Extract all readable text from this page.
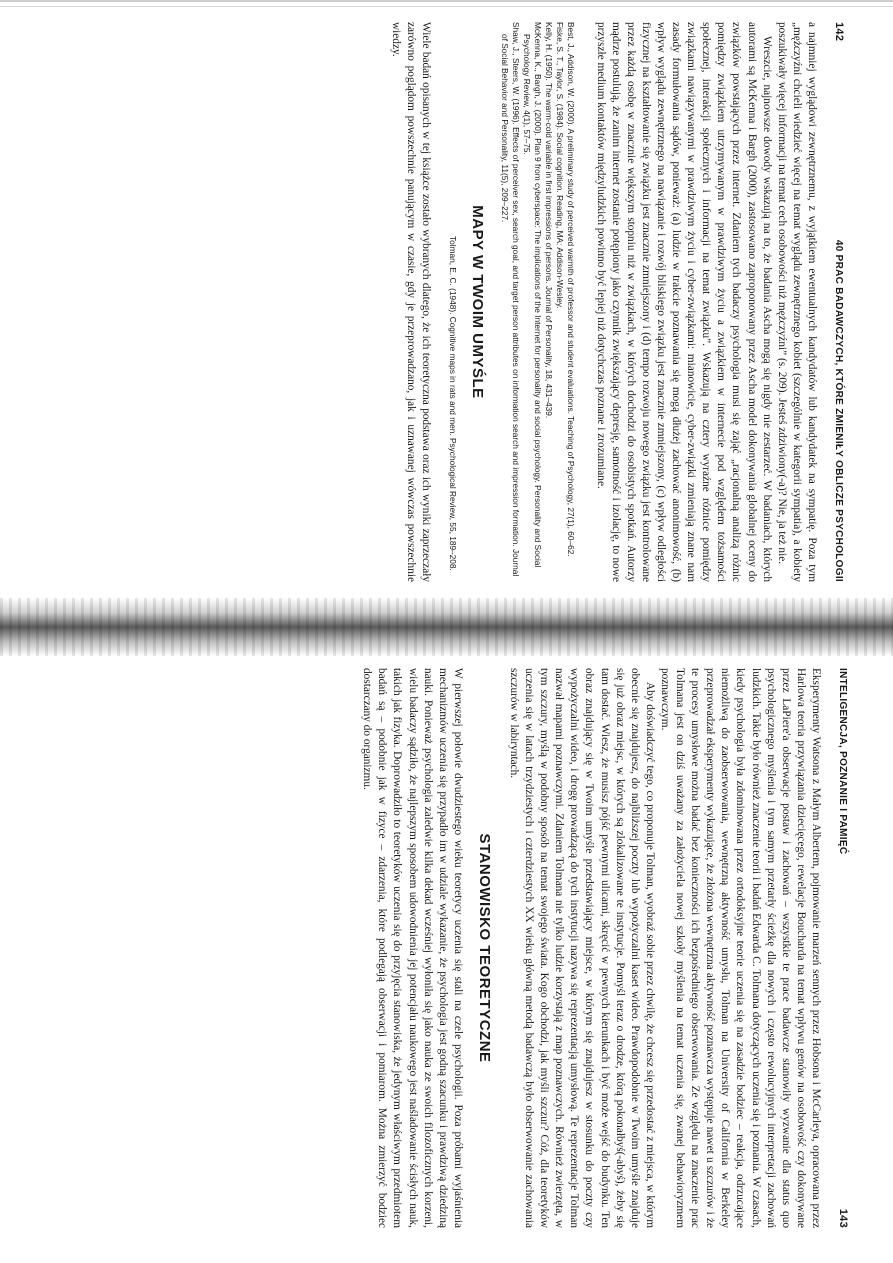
142
40 PRAC BADAWCZYCH, KTÓRE ZMIENIŁY OBLICZE PSYCHOLOGII

a najmniej wyglądowi zewnętrznemu, z wyjątkiem ewentualnych kandydatów lub kandydatek na sympatię. Poza tym „mężczyźni chcieli wiedzieć więcej na temat wyglądu zewnętrznego kobiet (szczególnie w kategorii sympatia), a kobiety poszukiwały więcej informacji na temat cech osobowości niż mężczyźni” (s. 209). Jesteś zdziwiony(-a)? Nie, ja też nie.

Wreszcie, najnowsze dowody wskazują na to, że badania Ascha mogą się nigdy nie zestarzeć. W badaniach, których autorami są McKenna i Bargh (2000), zastosowano zaproponowany przez Ascha model dokonywania globalnej oceny do związków powstających przez internet. Zdaniem tych badaczy psychologia musi się zająć „racjonalną analizą różnic pomiędzy związkiem utrzymywanym w prawdziwym życiu a związkiem w internecie pod względem tożsamości społecznej, interakcji społecznych i informacji na temat związku”. Wskazują na cztery wyraźne różnice pomiędzy związkami nawiązywanymi w prawdziwym życiu i cyber-związkami: mianowicie, cyber-związki zmieniają znane nam zasady formułowania sądów, ponieważ: (a) ludzie w trakcie poznawania się mogą dłużej zachować anonimowość, (b) wpływ wyglądu zewnętrznego na nawiązanie i rozwój bliskiego związku jest znacznie zmniejszony, (c) wpływ odległości fizycznej na kształtowanie się związku jest znacznie zmniejszony i (d) tempo rozwoju nowego związku jest kontrolowane przez każdą osobę w znacznie większym stopniu niż w związkach, w których dochodzi do osobistych spotkań. Autorzy mądrze postulują, że zanim internet zostanie potępiony jako czynnik zwiększający depresję, samotność i izolację, to nowe przyszłe medium kontaktów międzyludzkich powinno być lepiej niż dotychczas poznane i zrozumiane.

Best, J., Addison, W. (2000). A preliminary study of perceived warmth of professor and student evaluations. Teaching of Psychology, 27(1), 60–62.

Fiske, S. T., Taylor, S. (1984). Social cognition. Reading, MA: Addison-Wesley.

Kelly, H. (1950). The warm-cold variable in first impressions of persons. Journal of Personality, 18, 431–439.

McKenna, K., Bargh, J. (2000). Plan 9 from cyberspace: The implications of the Internet for personality and social psychology. Personality and Social Psychology Review, 4(1), 57–75.

Shaw, J., Steers, W. (1996). Effects of perceiver sex, search goal, and target person attributes on information search and impression formation. Journal of Social Behavior and Personality, 11(5), 209–227.

MAPY W TWOIM UMYŚLE

Tolman, E. C. (1948). Cognitive maps in rats and men. Psychological Review, 55, 189–208.

Wiele badań opisanych w tej książce zostało wybranych dlatego, że ich teoretyczna podstawa oraz ich wyniki zaprzeczały zarówno poglądom powszechnie panującym w czasie, gdy je przeprowadzano, jak i uznawanej wówczas powszechnie wiedzy.

INTELIGENCJA, POZNANIE I PAMIĘĆ
143

Eksperymenty Watsona z Małym Albertem, pojmowanie marzeń sennych przez Hobsona i McCarleya, opracowana przez Harlowa teoria przywiązania dziecięcego, rewelacje Boucharda na temat wpływu genów na osobowość czy dokonywane przez LaPiere'a obserwacje postaw i zachowań – wszystkie te prace badawcze stanowiły wyzwanie dla status quo psychologicznego myślenia i tym samym przetarły ścieżkę dla nowych i często rewolucyjnych interpretacji zachowań ludzkich. Takie było również znaczenie teorii i badań Edwarda C. Tolmana dotyczących uczenia się i poznania. W czasach, kiedy psychologia była zdominowana przez ortodoksyjne teorie uczenia się na zasadzie bodziec – reakcja, odrzucające niemożliwą do zaobserwowania, wewnętrzną aktywność umysłu, Tolman na University of California w Berkeley przeprowadzał eksperymenty wykazujące, że złożona wewnętrzna aktywność poznawcza występuje nawet u szczurów i że te procesy umysłowe można badać bez konieczności ich bezpośredniego obserwowania. Ze względu na znaczenie prac Tolmana jest on dziś uważany za założyciela nowej szkoły myślenia na temat uczenia się, zwanej behawioryzmem poznawczym.

Aby doświadczyć tego, co proponuje Tolman, wyobraź sobie przez chwilę, że chcesz się przedostać z miejsca, w którym obecnie się znajdujesz, do najbliższej poczty lub wypożyczalni kaset wideo. Prawdopodobnie w Twoim umyśle znajduje się już obraz miejsc, w których są zlokalizowane te instytucje. Pomyśl teraz o drodze, którą pokonałbyś(-abyś), żeby się tam dostać. Wiesz, że musisz pójść pewnymi ulicami, skręcić w pewnych kierunkach i być może wejść do budynku. Ten obraz znajdujący się w Twoim umyśle przedstawiający miejsce, w którym się znajdujesz w stosunku do poczty czy wypożyczalni wideo, i drogę prowadzącą do tych instytucji nazywa się reprezentacją umysłową. Te reprezentacje Tolman nazwał mapami poznawczymi. Zdaniem Tolmana nie tylko ludzie korzystają z map poznawczych. Również zwierzęta, w tym szczury, myślą w podobny sposób na temat swojego świata. Kogo obchodzi, jak myśli szczur? Cóż, dla teoretyków uczenia się w latach trzydziestych i czterdziestych XX wieku główną metodą badawczą było obserwowanie zachowania szczurów w labiryntach.

STANOWISKO TEORETYCZNE

W pierwszej połowie dwudziestego wieku teoretycy uczenia się stali na czele psychologii. Poza próbami wyjaśnienia mechanizmów uczenia się przypadło im w udziale wykazanie, że psychologia jest godną szacunku i prawdziwą dziedziną nauki. Ponieważ psychologia zaledwie kilka dekad wcześniej wyłoniła się jako nauka ze swoich filozoficznych korzeni, wielu badaczy sądziło, że najlepszym sposobem udowodnienia jej potencjału naukowego jest naśladowanie ścisłych nauk, takich jak fizyka. Doprowadziło to teoretyków uczenia się do przyjęcia stanowiska, że jedynym właściwym przedmiotem badań są – podobnie jak w fizyce – zdarzenia, które podlegają obserwacji i pomiarom. Można zmierzyć bodziec dostarczany do organizmu.
